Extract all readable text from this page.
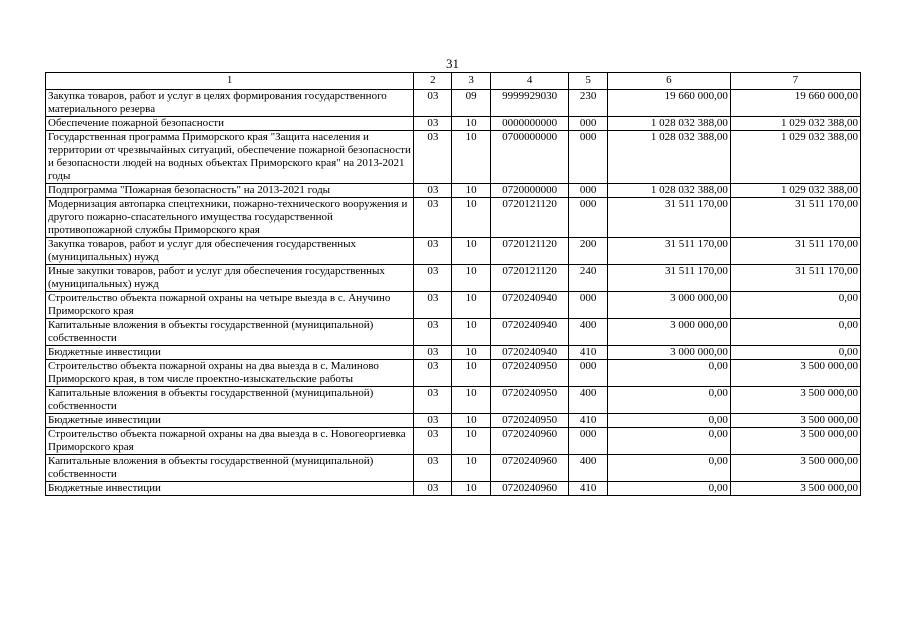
31
1	2	3	4	5	6	7
Закупка товаров, работ и услуг в целях формирования государственного материального резерва	03	09	9999929030	230	19 660 000,00	19 660 000,00
Обеспечение пожарной безопасности	03	10	0000000000	000	1 028 032 388,00	1 029 032 388,00
Государственная программа Приморского края "Защита населения и территории от чрезвычайных ситуаций, обеспечение пожарной безопасности и безопасности людей на водных объектах Приморского края" на 2013-2021 годы	03	10	0700000000	000	1 028 032 388,00	1 029 032 388,00
Подпрограмма "Пожарная безопасность" на 2013-2021 годы	03	10	0720000000	000	1 028 032 388,00	1 029 032 388,00
Модернизация автопарка спецтехники, пожарно-технического вооружения и другого пожарно-спасательного имущества государственной противопожарной службы Приморского края	03	10	0720121120	000	31 511 170,00	31 511 170,00
Закупка товаров, работ и услуг для обеспечения государственных (муниципальных) нужд	03	10	0720121120	200	31 511 170,00	31 511 170,00
Иные закупки товаров, работ и услуг для обеспечения государственных (муниципальных) нужд	03	10	0720121120	240	31 511 170,00	31 511 170,00
Строительство объекта пожарной охраны на четыре выезда в с. Анучино Приморского края	03	10	0720240940	000	3 000 000,00	0,00
Капитальные вложения в объекты государственной (муниципальной) собственности	03	10	0720240940	400	3 000 000,00	0,00
Бюджетные инвестиции	03	10	0720240940	410	3 000 000,00	0,00
Строительство объекта пожарной охраны на два выезда в с. Малиново Приморского края, в том числе проектно-изыскательские работы	03	10	0720240950	000	0,00	3 500 000,00
Капитальные вложения в объекты государственной (муниципальной) собственности	03	10	0720240950	400	0,00	3 500 000,00
Бюджетные инвестиции	03	10	0720240950	410	0,00	3 500 000,00
Строительство объекта пожарной охраны на два выезда в с. Новогеоргиевка Приморского края	03	10	0720240960	000	0,00	3 500 000,00
Капитальные вложения в объекты государственной (муниципальной) собственности	03	10	0720240960	400	0,00	3 500 000,00
Бюджетные инвестиции	03	10	0720240960	410	0,00	3 500 000,00
